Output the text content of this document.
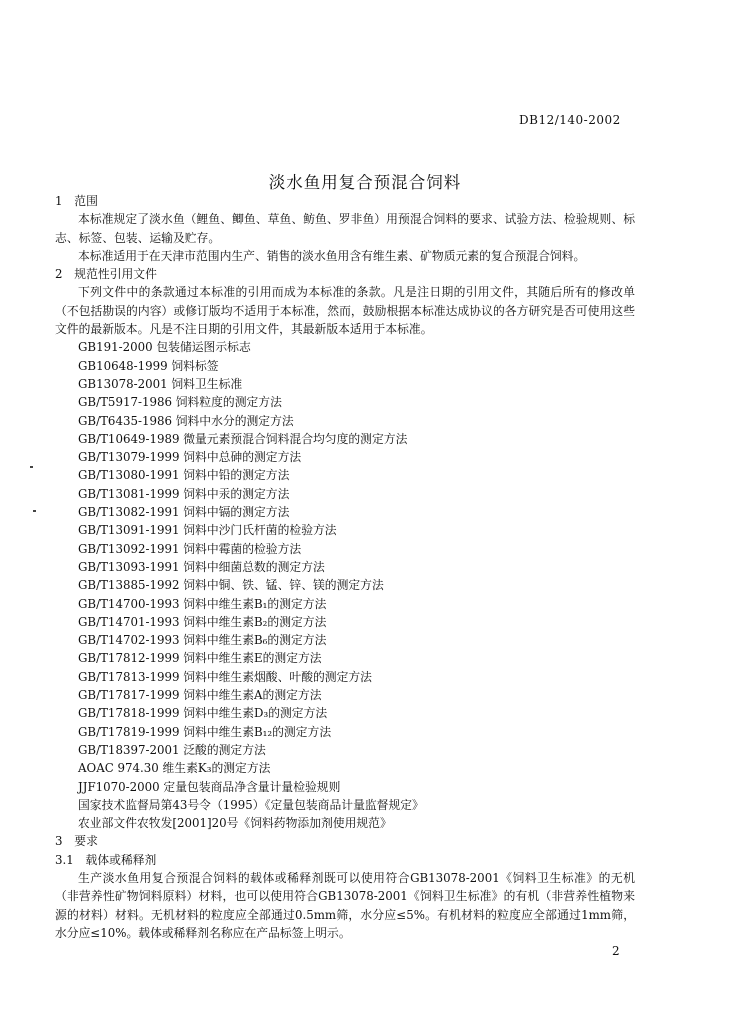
DB12/140-2002
淡水鱼用复合预混合饲料
1　范围
本标准规定了淡水鱼（鲤鱼、鲫鱼、草鱼、鲂鱼、罗非鱼）用预混合饲料的要求、试验方法、检验规则、标志、标签、包装、运输及贮存。
本标准适用于在天津市范围内生产、销售的淡水鱼用含有维生素、矿物质元素的复合预混合饲料。
2　规范性引用文件
下列文件中的条款通过本标准的引用而成为本标准的条款。凡是注日期的引用文件，其随后所有的修改单（不包括勘误的内容）或修订版均不适用于本标准，然而，鼓励根据本标准达成协议的各方研究是否可使用这些文件的最新版本。凡是不注日期的引用文件，其最新版本适用于本标准。
GB191-2000 包装储运图示标志
GB10648-1999 饲料标签
GB13078-2001 饲料卫生标准
GB/T5917-1986 饲料粒度的测定方法
GB/T6435-1986 饲料中水分的测定方法
GB/T10649-1989 微量元素预混合饲料混合均匀度的测定方法
GB/T13079-1999 饲料中总砷的测定方法
GB/T13080-1991 饲料中铅的测定方法
GB/T13081-1999 饲料中汞的测定方法
GB/T13082-1991 饲料中镉的测定方法
GB/T13091-1991 饲料中沙门氏杆菌的检验方法
GB/T13092-1991 饲料中霉菌的检验方法
GB/T13093-1991 饲料中细菌总数的测定方法
GB/T13885-1992 饲料中铜、铁、锰、锌、镁的测定方法
GB/T14700-1993 饲料中维生素B₁的测定方法
GB/T14701-1993 饲料中维生素B₂的测定方法
GB/T14702-1993 饲料中维生素B₆的测定方法
GB/T17812-1999 饲料中维生素E的测定方法
GB/T17813-1999 饲料中维生素烟酸、叶酸的测定方法
GB/T17817-1999 饲料中维生素A的测定方法
GB/T17818-1999 饲料中维生素D₃的测定方法
GB/T17819-1999 饲料中维生素B₁₂的测定方法
GB/T18397-2001 泛酸的测定方法
AOAC 974.30 维生素K₃的测定方法
JJF1070-2000 定量包装商品净含量计量检验规则
国家技术监督局第43号令（1995）《定量包装商品计量监督规定》
农业部文件农牧发[2001]20号《饲料药物添加剂使用规范》
3　要求
3.1　载体或稀释剂
生产淡水鱼用复合预混合饲料的载体或稀释剂既可以使用符合GB13078-2001《饲料卫生标准》的无机（非营养性矿物饲料原料）材料，也可以使用符合GB13078-2001《饲料卫生标准》的有机（非营养性植物来源的材料）材料。无机材料的粒度应全部通过0.5mm筛，水分应≤5%。有机材料的粒度应全部通过1mm筛，水分应≤10%。载体或稀释剂名称应在产品标签上明示。
2
